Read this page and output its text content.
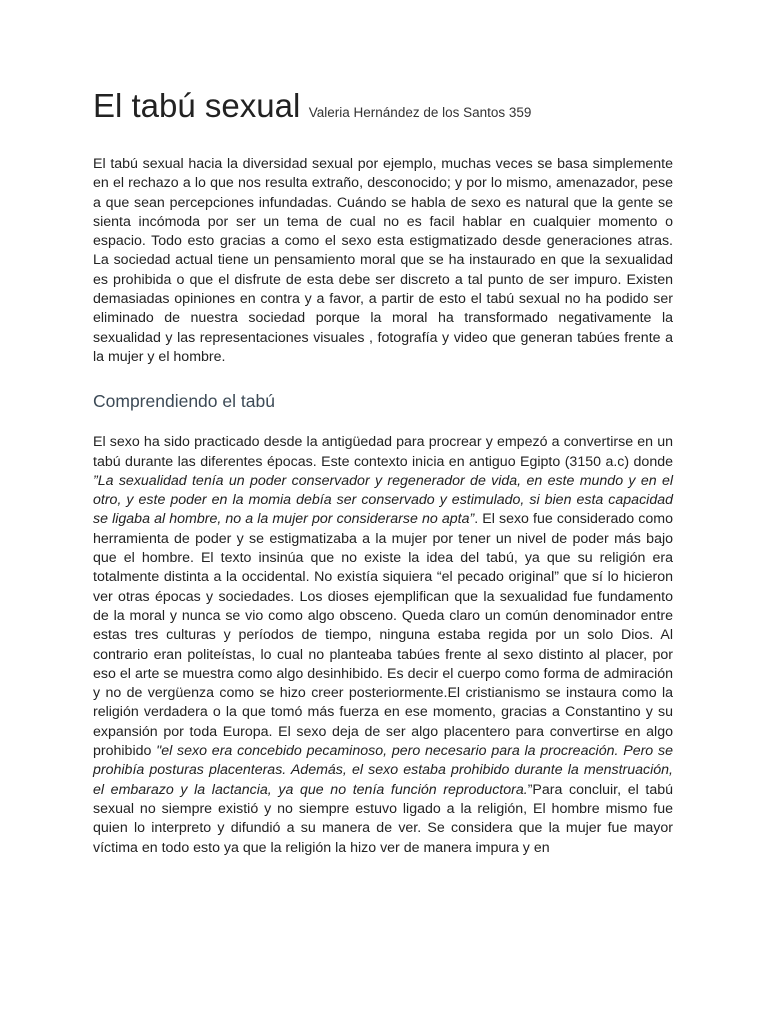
El tabú sexual Valeria Hernández de los Santos 359

El tabú sexual hacia la diversidad sexual por ejemplo, muchas veces se basa simplemente en el rechazo a lo que nos resulta extraño, desconocido; y por lo mismo, amenazador, pese a que sean percepciones infundadas. Cuándo se habla de sexo es natural que la gente se sienta incómoda por ser un tema de cual no es facil hablar en cualquier momento o espacio. Todo esto gracias a como el sexo esta estigmatizado desde generaciones atras. La sociedad actual tiene un pensamiento moral que se ha instaurado en que la sexualidad es prohibida o que el disfrute de esta debe ser discreto a tal punto de ser impuro. Existen demasiadas opiniones en contra y a favor, a partir de esto el tabú sexual no ha podido ser eliminado de nuestra sociedad porque la moral ha transformado negativamente la sexualidad y las representaciones visuales , fotografía y video que generan tabúes frente a la mujer y el hombre.

Comprendiendo el tabú

El sexo ha sido practicado desde la antigüedad para procrear y empezó a convertirse en un tabú durante las diferentes épocas. Este contexto inicia en antiguo Egipto (3150 a.c) donde ”La sexualidad tenía un poder conservador y regenerador de vida, en este mundo y en el otro, y este poder en la momia debía ser conservado y estimulado, si bien esta capacidad se ligaba al hombre, no a la mujer por considerarse no apta”. El sexo fue considerado como herramienta de poder y se estigmatizaba a la mujer por tener un nivel de poder más bajo que el hombre. El texto insinúa que no existe la idea del tabú, ya que su religión era totalmente distinta a la occidental. No existía siquiera “el pecado original” que sí lo hicieron ver otras épocas y sociedades. Los dioses ejemplifican que la sexualidad fue fundamento de la moral y nunca se vio como algo obsceno. Queda claro un común denominador entre estas tres culturas y períodos de tiempo, ninguna estaba regida por un solo Dios. Al contrario eran politeístas, lo cual no planteaba tabúes frente al sexo distinto al placer, por eso el arte se muestra como algo desinhibido. Es decir el cuerpo como forma de admiración y no de vergüenza como se hizo creer posteriormente.El cristianismo se instaura como la religión verdadera o la que tomó más fuerza en ese momento, gracias a Constantino y su expansión por toda Europa. El sexo deja de ser algo placentero para convertirse en algo prohibido "el sexo era concebido pecaminoso, pero necesario para la procreación. Pero se prohibía posturas placenteras. Además, el sexo estaba prohibido durante la menstruación, el embarazo y la lactancia, ya que no tenía función reproductora.”Para concluir, el tabú sexual no siempre existió y no siempre estuvo ligado a la religión, El hombre mismo fue quien lo interpreto y difundió a su manera de ver. Se considera que la mujer fue mayor víctima en todo esto ya que la religión la hizo ver de manera impura y en
